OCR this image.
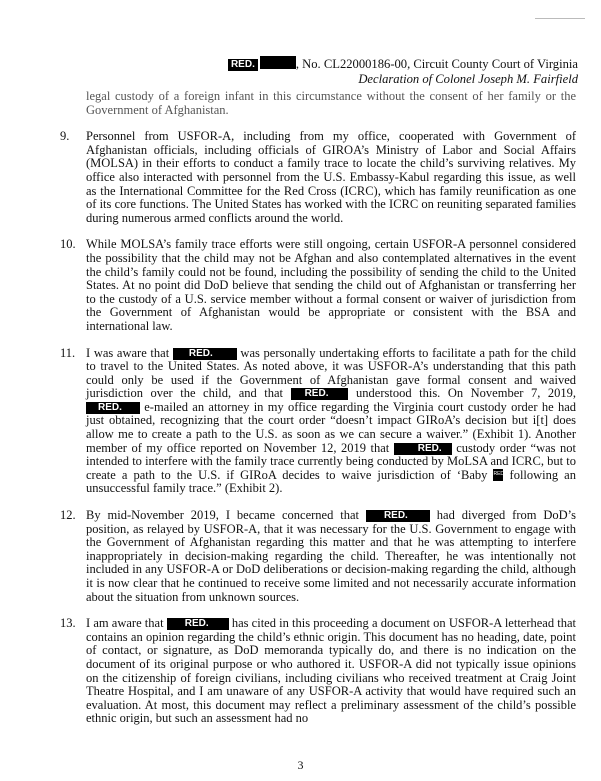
RED.	, No. CL22000186-00, Circuit County Court of Virginia
Declaration of Colonel Joseph M. Fairfield

legal custody of a foreign infant in this circumstance without the consent of her family or the Government of Afghanistan.

9. Personnel from USFOR-A, including from my office, cooperated with Government of Afghanistan officials, including officials of GIROA’s Ministry of Labor and Social Affairs (MOLSA) in their efforts to conduct a family trace to locate the child’s surviving relatives. My office also interacted with personnel from the U.S. Embassy-Kabul regarding this issue, as well as the International Committee for the Red Cross (ICRC), which has family reunification as one of its core functions. The United States has worked with the ICRC on reuniting separated families during numerous armed conflicts around the world.

10. While MOLSA’s family trace efforts were still ongoing, certain USFOR-A personnel considered the possibility that the child may not be Afghan and also contemplated alternatives in the event the child’s family could not be found, including the possibility of sending the child to the United States. At no point did DoD believe that sending the child out of Afghanistan or transferring her to the custody of a U.S. service member without a formal consent or waiver of jurisdiction from the Government of Afghanistan would be appropriate or consistent with the BSA and international law.

11. I was aware that RED. was personally undertaking efforts to facilitate a path for the child to travel to the United States. As noted above, it was USFOR-A’s understanding that this path could only be used if the Government of Afghanistan gave formal consent and waived jurisdiction over the child, and that RED. understood this. On November 7, 2019, RED. e-mailed an attorney in my office regarding the Virginia court custody order he had just obtained, recognizing that the court order “doesn’t impact GIRoA’s decision but i[t] does allow me to create a path to the U.S. as soon as we can secure a waiver.” (Exhibit 1). Another member of my office reported on November 12, 2019 that	RED. custody order “was not intended to interfere with the family trace currently being conducted by MoLSA and ICRC, but to create a path to the U.S. if GIRoA decides to waive jurisdiction of ‘Baby RED. following an unsuccessful family trace.” (Exhibit 2).

12. By mid-November 2019, I became concerned that RED. had diverged from DoD’s position, as relayed by USFOR-A, that it was necessary for the U.S. Government to engage with the Government of Afghanistan regarding this matter and that he was attempting to interfere inappropriately in decision-making regarding the child. Thereafter, he was intentionally not included in any USFOR-A or DoD deliberations or decision-making regarding the child, although it is now clear that he continued to receive some limited and not necessarily accurate information about the situation from unknown sources.

13. I am aware that RED. has cited in this proceeding a document on USFOR-A letterhead that contains an opinion regarding the child’s ethnic origin. This document has no heading, date, point of contact, or signature, as DoD memoranda typically do, and there is no indication on the document of its original purpose or who authored it. USFOR-A did not typically issue opinions on the citizenship of foreign civilians, including civilians who received treatment at Craig Joint Theatre Hospital, and I am unaware of any USFOR-A activity that would have required such an evaluation. At most, this document may reflect a preliminary assessment of the child’s possible ethnic origin, but such an assessment had no

3
